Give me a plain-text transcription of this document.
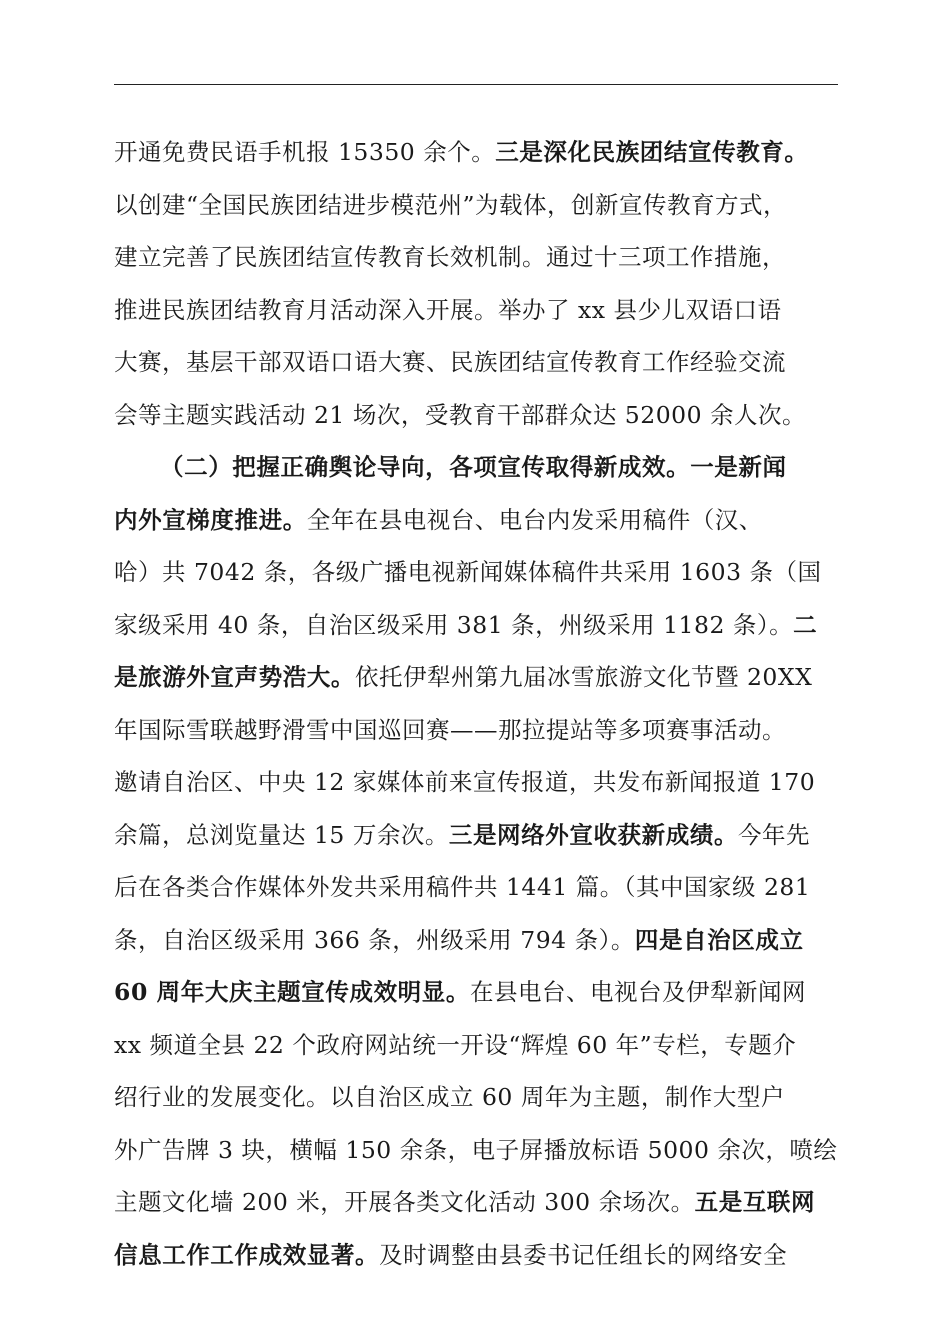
开通免费民语手机报 15350 余个。三是深化民族团结宣传教育。
以创建“全国民族团结进步模范州”为载体，创新宣传教育方式，
建立完善了民族团结宣传教育长效机制。通过十三项工作措施，
推进民族团结教育月活动深入开展。举办了 xx 县少儿双语口语
大赛，基层干部双语口语大赛、民族团结宣传教育工作经验交流
会等主题实践活动 21 场次，受教育干部群众达 52000 余人次。
（二）把握正确舆论导向，各项宣传取得新成效。一是新闻
内外宣梯度推进。全年在县电视台、电台内发采用稿件（汉、
哈）共 7042 条，各级广播电视新闻媒体稿件共采用 1603 条（国
家级采用 40 条，自治区级采用 381 条，州级采用 1182 条）。二
是旅游外宣声势浩大。依托伊犁州第九届冰雪旅游文化节暨 20XX
年国际雪联越野滑雪中国巡回赛——那拉提站等多项赛事活动。
邀请自治区、中央 12 家媒体前来宣传报道，共发布新闻报道 170
余篇，总浏览量达 15 万余次。三是网络外宣收获新成绩。今年先
后在各类合作媒体外发共采用稿件共 1441 篇。（其中国家级 281
条，自治区级采用 366 条，州级采用 794 条）。四是自治区成立
60 周年大庆主题宣传成效明显。在县电台、电视台及伊犁新闻网
xx 频道全县 22 个政府网站统一开设“辉煌 60 年”专栏，专题介
绍行业的发展变化。以自治区成立 60 周年为主题，制作大型户
外广告牌 3 块，横幅 150 余条，电子屏播放标语 5000 余次，喷绘
主题文化墙 200 米，开展各类文化活动 300 余场次。五是互联网
信息工作工作成效显著。及时调整由县委书记任组长的网络安全
